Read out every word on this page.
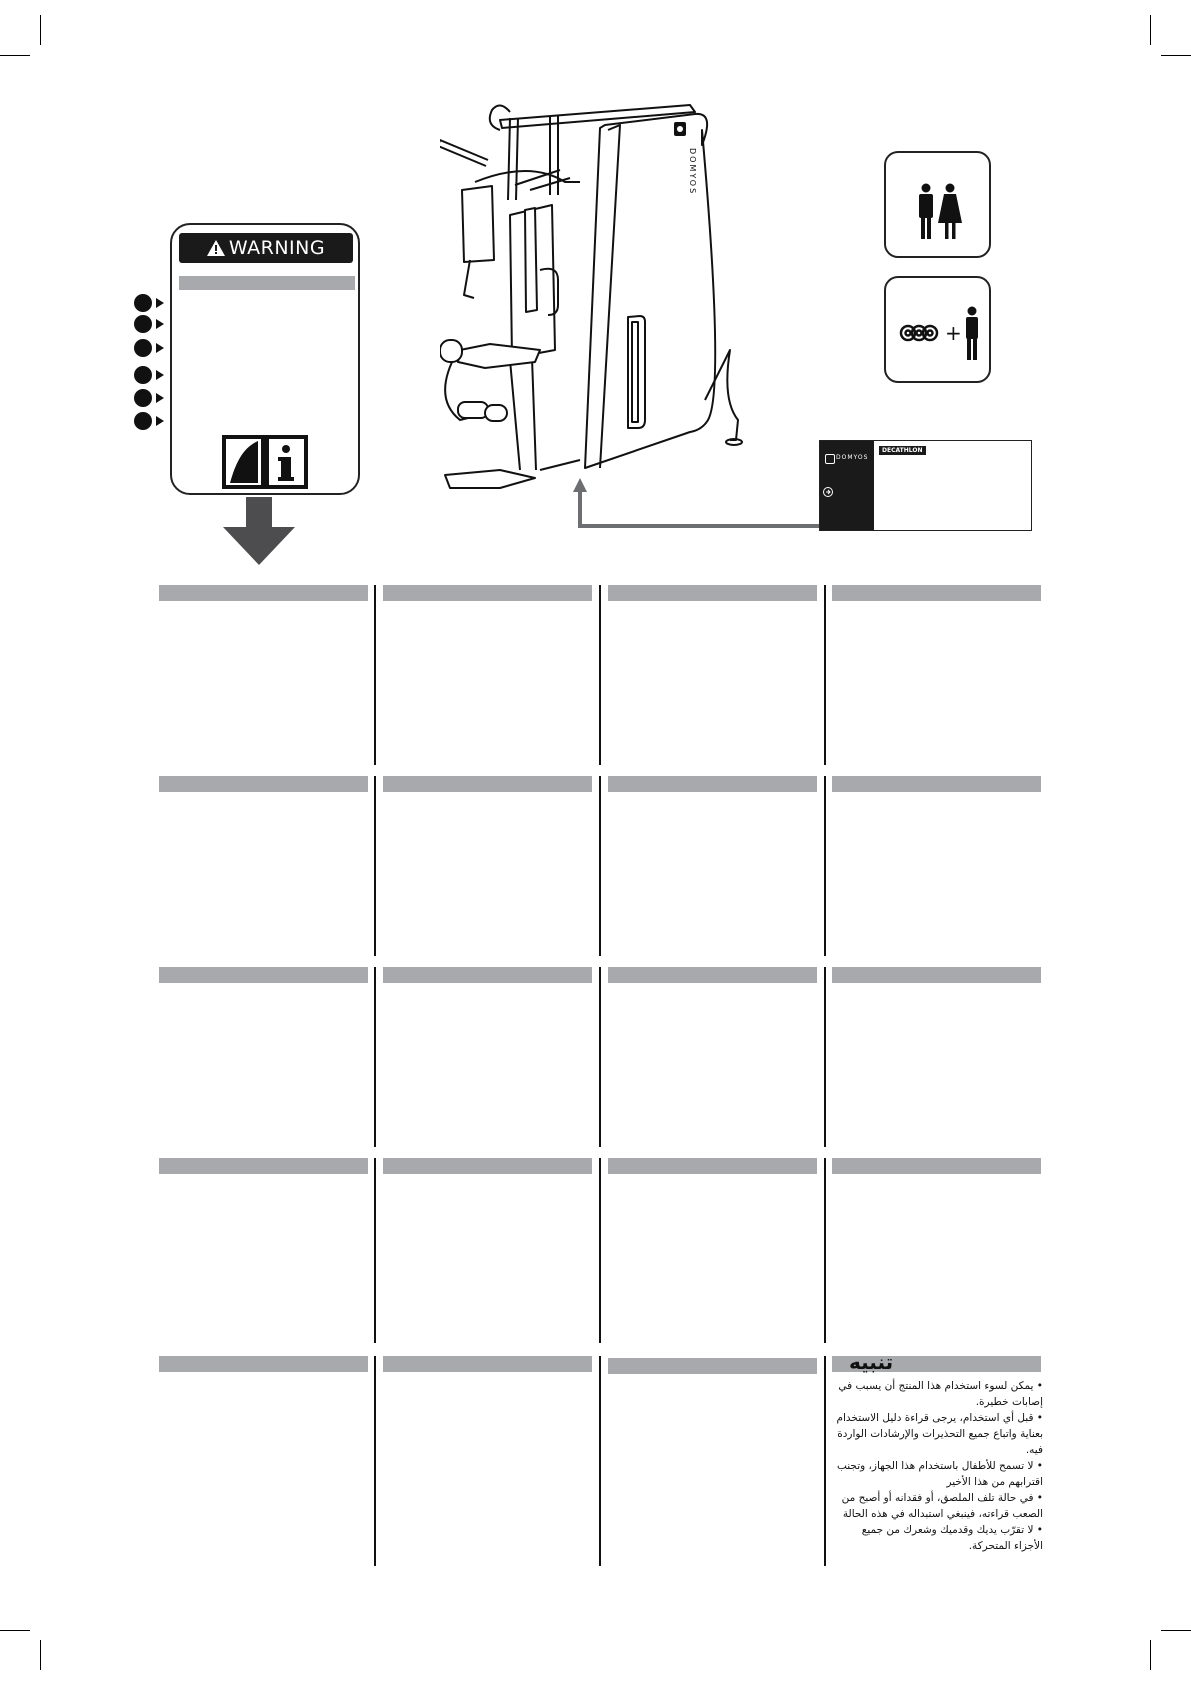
WARNING
DOMYOS
DOMYOS
DECATHLON
+
تنبيه

• يمكن لسوء استخدام هذا المنتج أن يسبب في إصابات خطيرة.

• قبل أي استخدام، يرجى قراءة دليل الاستخدام بعناية واتباع جميع التحذيرات والإرشادات الواردة فيه.

• لا تسمح للأطفال باستخدام هذا الجهاز، وتجنب اقترابهم من هذا الأخير

• في حالة تلف الملصق، أو فقدانه أو أصبح من الصعب قراءته، فينبغي استبداله في هذه الحالة

• لا تقرّب يديك وقدميك وشعرك من جميع الأجزاء المتحركة.
